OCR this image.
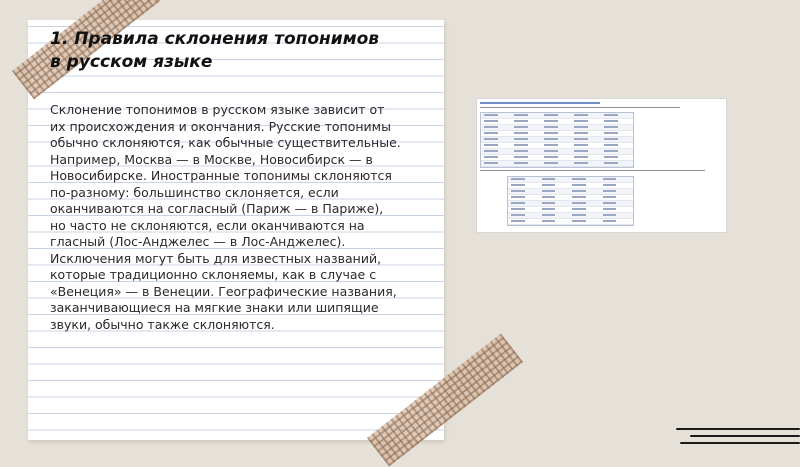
1. Правила склонения топонимов в русском языке

Склонение топонимов в русском языке зависит от их происхождения и окончания. Русские топонимы обычно склоняются, как обычные существительные. Например, Москва — в Москве, Новосибирск — в Новосибирске. Иностранные топонимы склоняются по-разному: большинство склоняется, если оканчиваются на согласный (Париж — в Париже), но часто не склоняются, если оканчиваются на гласный (Лос-Анджелес — в Лос-Анджелес). Исключения могут быть для известных названий, которые традиционно склоняемы, как в случае с «Венеция» — в Венеции. Географические названия, заканчивающиеся на мягкие знаки или шипящие звуки, обычно также склоняются.
